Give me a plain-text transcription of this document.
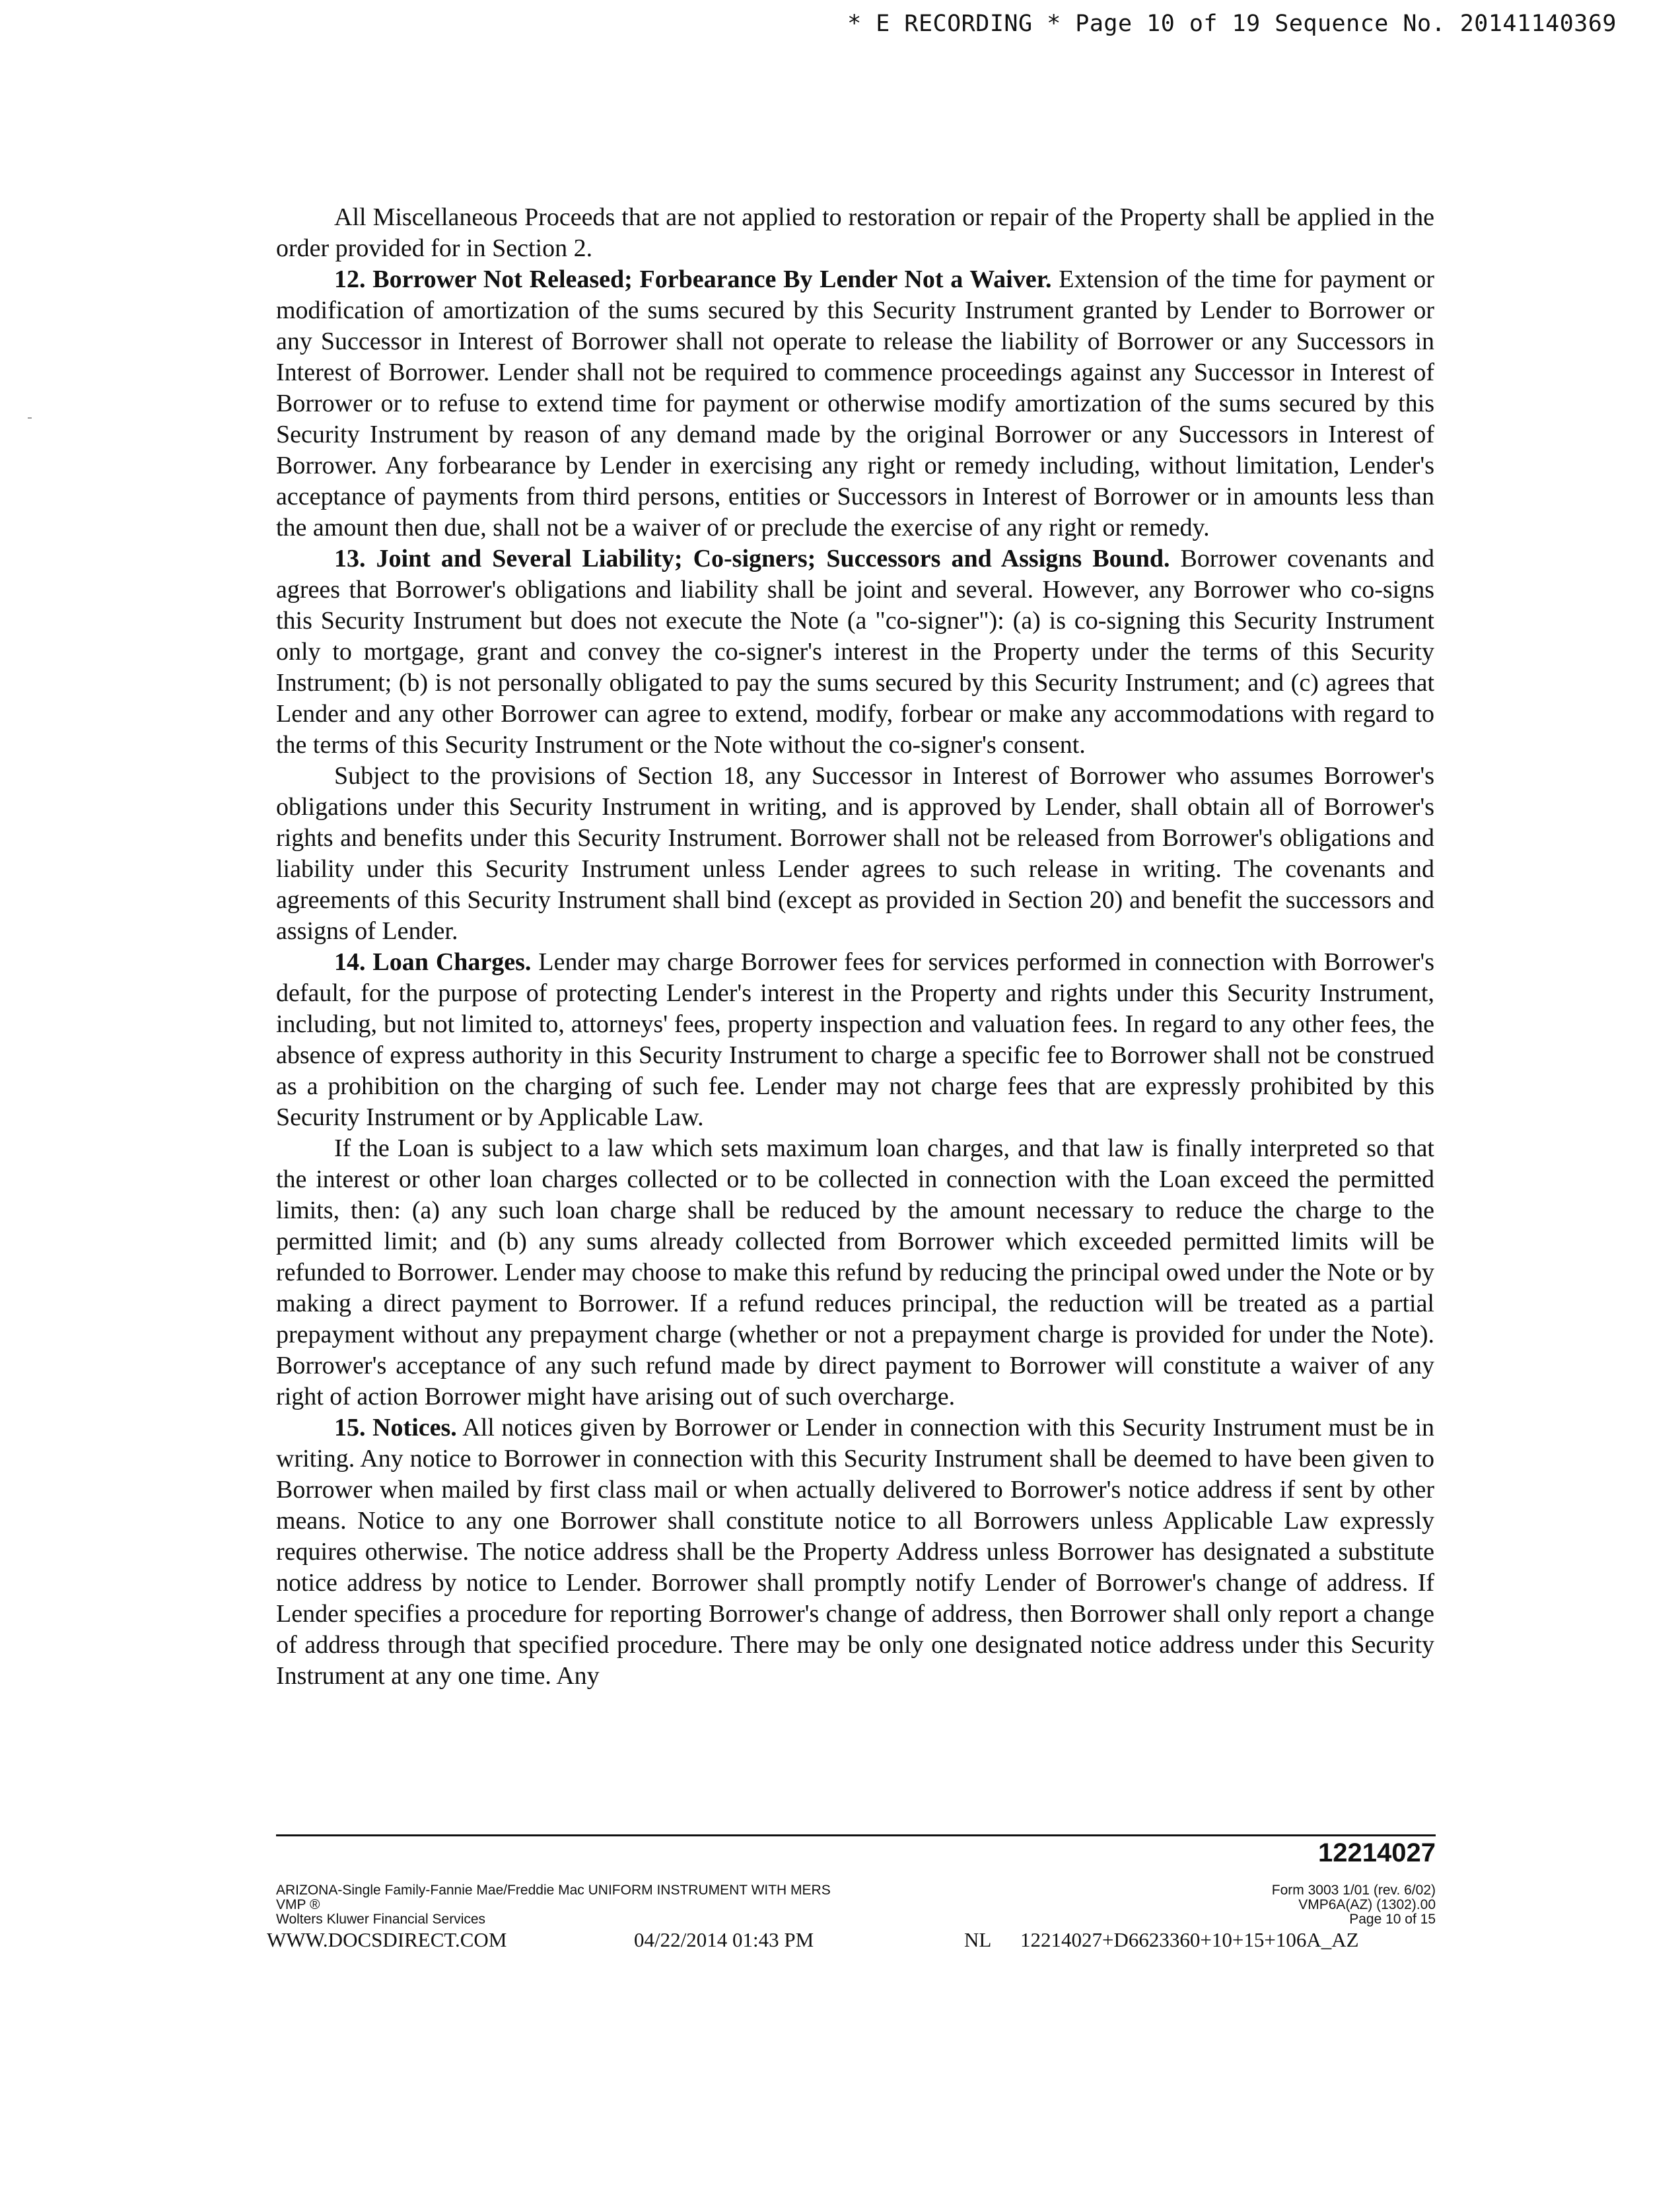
* E RECORDING * Page 10 of 19 Sequence No. 20141140369

All Miscellaneous Proceeds that are not applied to restoration or repair of the Property shall be applied in the order provided for in Section 2.

12. Borrower Not Released; Forbearance By Lender Not a Waiver. Extension of the time for payment or modification of amortization of the sums secured by this Security Instrument granted by Lender to Borrower or any Successor in Interest of Borrower shall not operate to release the liability of Borrower or any Successors in Interest of Borrower. Lender shall not be required to commence proceedings against any Successor in Interest of Borrower or to refuse to extend time for payment or otherwise modify amortization of the sums secured by this Security Instrument by reason of any demand made by the original Borrower or any Successors in Interest of Borrower. Any forbearance by Lender in exercising any right or remedy including, without limitation, Lender's acceptance of payments from third persons, entities or Successors in Interest of Borrower or in amounts less than the amount then due, shall not be a waiver of or preclude the exercise of any right or remedy.

13. Joint and Several Liability; Co-signers; Successors and Assigns Bound. Borrower covenants and agrees that Borrower's obligations and liability shall be joint and several. However, any Borrower who co-signs this Security Instrument but does not execute the Note (a "co-signer"): (a) is co-signing this Security Instrument only to mortgage, grant and convey the co-signer's interest in the Property under the terms of this Security Instrument; (b) is not personally obligated to pay the sums secured by this Security Instrument; and (c) agrees that Lender and any other Borrower can agree to extend, modify, forbear or make any accommodations with regard to the terms of this Security Instrument or the Note without the co-signer's consent.

Subject to the provisions of Section 18, any Successor in Interest of Borrower who assumes Borrower's obligations under this Security Instrument in writing, and is approved by Lender, shall obtain all of Borrower's rights and benefits under this Security Instrument. Borrower shall not be released from Borrower's obligations and liability under this Security Instrument unless Lender agrees to such release in writing. The covenants and agreements of this Security Instrument shall bind (except as provided in Section 20) and benefit the successors and assigns of Lender.

14. Loan Charges. Lender may charge Borrower fees for services performed in connection with Borrower's default, for the purpose of protecting Lender's interest in the Property and rights under this Security Instrument, including, but not limited to, attorneys' fees, property inspection and valuation fees. In regard to any other fees, the absence of express authority in this Security Instrument to charge a specific fee to Borrower shall not be construed as a prohibition on the charging of such fee. Lender may not charge fees that are expressly prohibited by this Security Instrument or by Applicable Law.

If the Loan is subject to a law which sets maximum loan charges, and that law is finally interpreted so that the interest or other loan charges collected or to be collected in connection with the Loan exceed the permitted limits, then: (a) any such loan charge shall be reduced by the amount necessary to reduce the charge to the permitted limit; and (b) any sums already collected from Borrower which exceeded permitted limits will be refunded to Borrower. Lender may choose to make this refund by reducing the principal owed under the Note or by making a direct payment to Borrower. If a refund reduces principal, the reduction will be treated as a partial prepayment without any prepayment charge (whether or not a prepayment charge is provided for under the Note). Borrower's acceptance of any such refund made by direct payment to Borrower will constitute a waiver of any right of action Borrower might have arising out of such overcharge.

15. Notices. All notices given by Borrower or Lender in connection with this Security Instrument must be in writing. Any notice to Borrower in connection with this Security Instrument shall be deemed to have been given to Borrower when mailed by first class mail or when actually delivered to Borrower's notice address if sent by other means. Notice to any one Borrower shall constitute notice to all Borrowers unless Applicable Law expressly requires otherwise. The notice address shall be the Property Address unless Borrower has designated a substitute notice address by notice to Lender. Borrower shall promptly notify Lender of Borrower's change of address. If Lender specifies a procedure for reporting Borrower's change of address, then Borrower shall only report a change of address through that specified procedure. There may be only one designated notice address under this Security Instrument at any one time. Any

12214027
ARIZONA-Single Family-Fannie Mae/Freddie Mac UNIFORM INSTRUMENT WITH MERS
VMP ®
Wolters Kluwer Financial Services
Form 3003 1/01 (rev. 6/02)
VMP6A(AZ) (1302).00
Page 10 of 15
WWW.DOCSDIRECT.COM	04/22/2014 01:43 PM	NL 12214027+D6623360+10+15+106A_AZ
